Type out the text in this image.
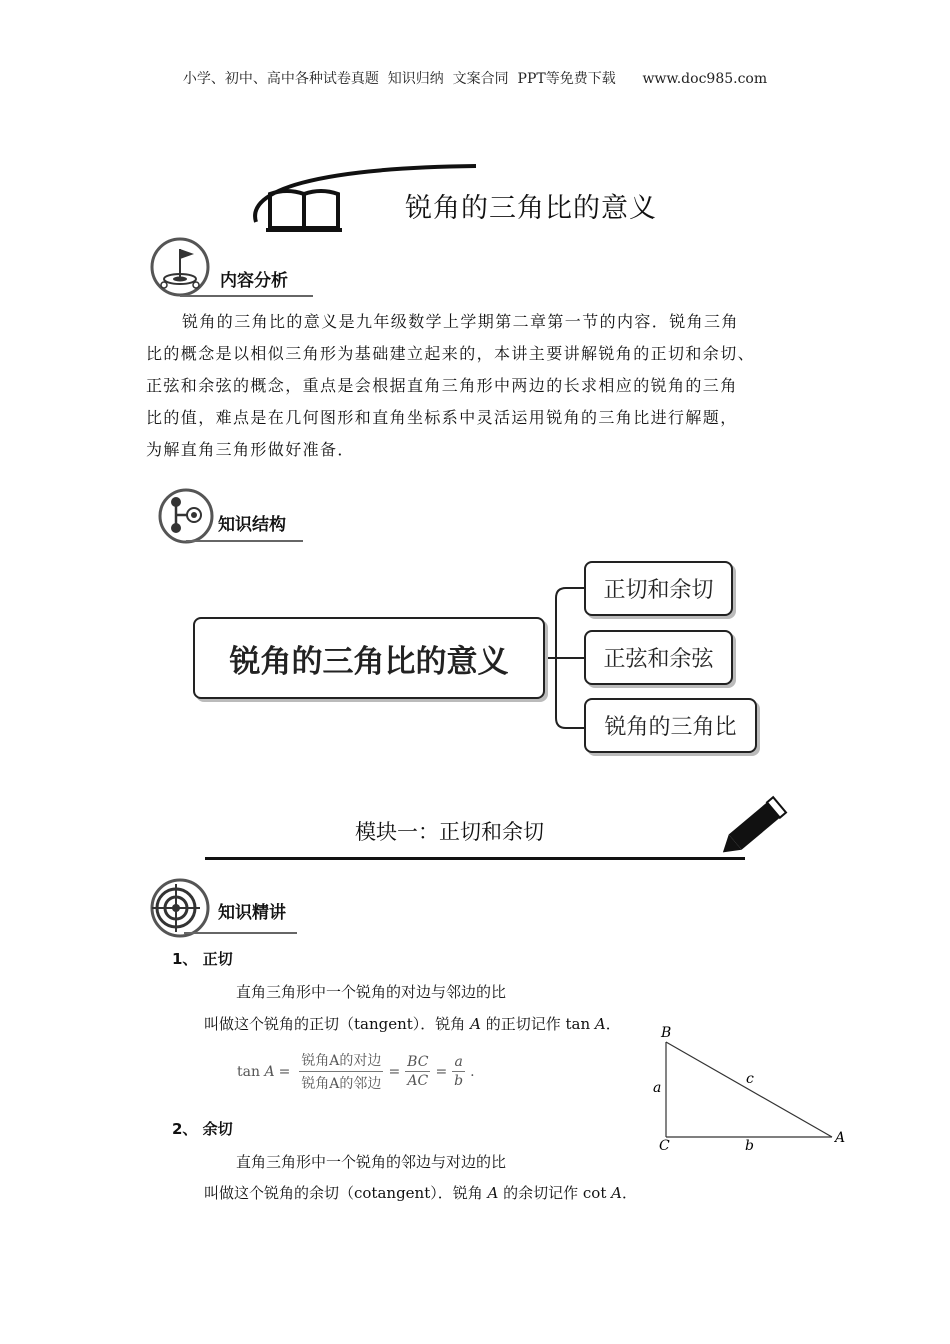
小学、初中、高中各种试卷真题  知识归纳  文案合同  PPT等免费下载      www.doc985.com
锐角的三角比的意义
内容分析

锐角的三角比的意义是九年级数学上学期第二章第一节的内容．锐角三角

比的概念是以相似三角形为基础建立起来的，本讲主要讲解锐角的正切和余切、

正弦和余弦的概念，重点是会根据直角三角形中两边的长求相应的锐角的三角

比的值，难点是在几何图形和直角坐标系中灵活运用锐角的三角比进行解题，

为解直角三角形做好准备．

知识结构
锐角的三角比的意义
正切和余切
正弦和余弦
锐角的三角比
模块一：正切和余切
知识精讲
1、 正切
直角三角形中一个锐角的对边与邻边的比
叫做这个锐角的正切（tangent）．锐角 A 的正切记作 tan A．
tan
$A = \frac{\text{锐角A的对边}}{\text{锐角A的邻边}} = \frac{BC}{AC} = \frac{a}{b}$ .
2、 余切
直角三角形中一个锐角的邻边与对边的比
叫做这个锐角的余切（cotangent）．锐角 A 的余切记作 cot A．
B
C	A
a
b
c
